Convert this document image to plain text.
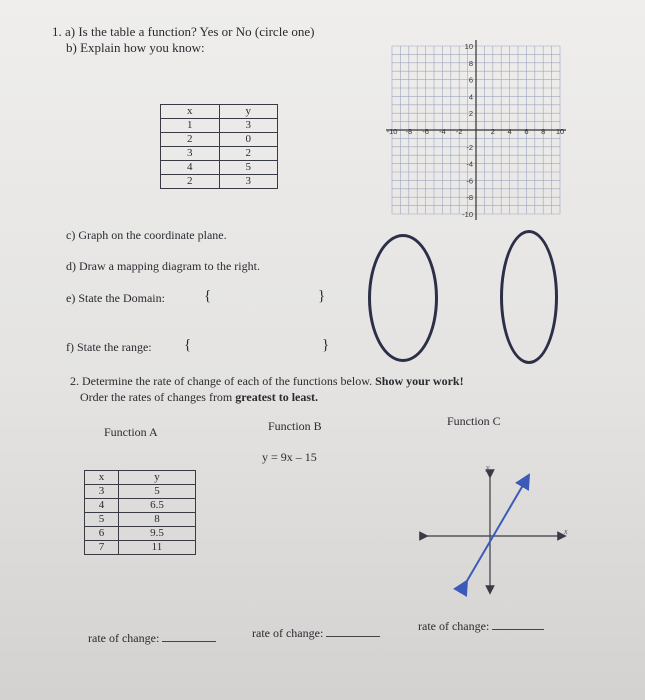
1. a) Is the table a function? Yes or No (circle one)
b) Explain how you know:
x	y
1	3
2	0
3	2
4	5
2	3
-10 -8 -6 -4 -2	2 4 6 8 10
10
8
6
4
2
-2
-4
-6
-8
-10
c) Graph on the coordinate plane.
d) Draw a mapping diagram to the right.
e) State the Domain:	{	}
f) State the range: {	}
2. Determine the rate of change of each of the functions below. Show your work!
Order the rates of changes from greatest to least.
Function A	Function B	Function C
y = 9x – 15
x	y
3	5
4	6.5
5	8
6	9.5
7	11
y
x
rate of change:	rate of change:	rate of change:
